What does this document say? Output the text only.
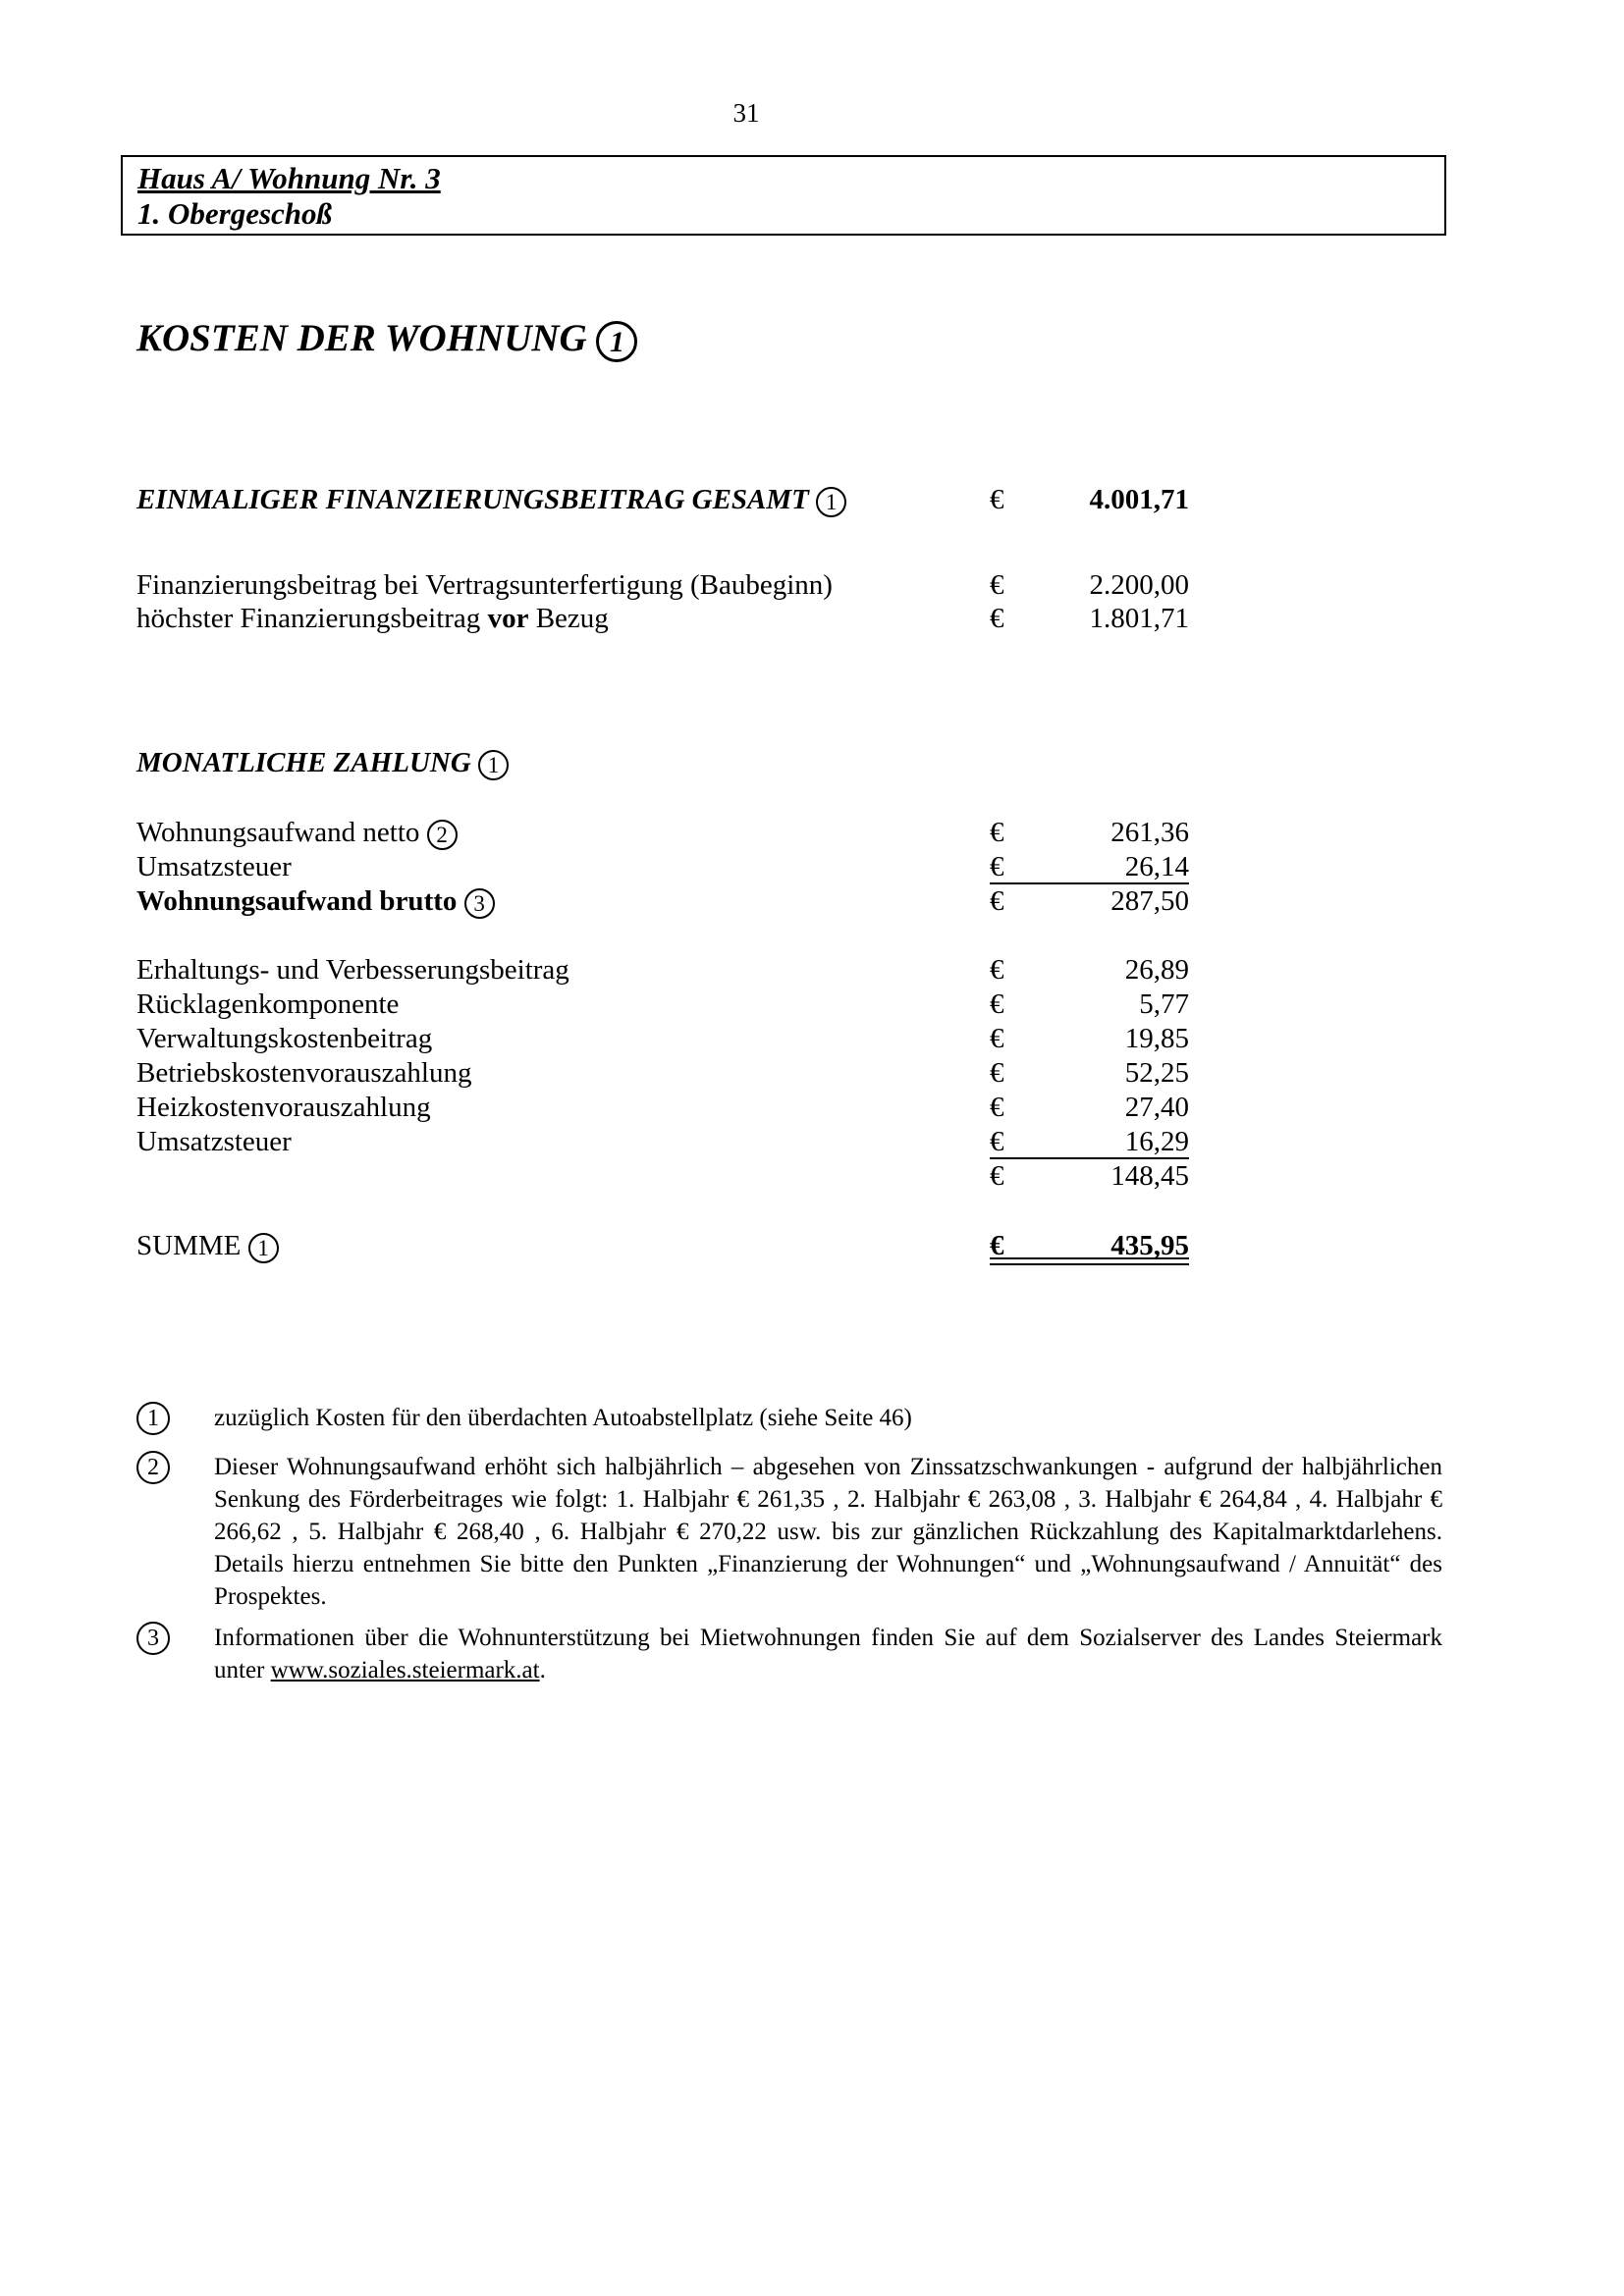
31
Haus A/ Wohnung Nr. 3
1. Obergeschoß
KOSTEN DER WOHNUNG 1
EINMALIGER FINANZIERUNGSBEITRAG GESAMT 1	€	4.001,71
Finanzierungsbeitrag bei Vertragsunterfertigung (Baubeginn)	€	2.200,00
höchster Finanzierungsbeitrag vor Bezug	€	1.801,71
MONATLICHE ZAHLUNG 1
Wohnungsaufwand netto 2	€	261,36
Umsatzsteuer	€	26,14
Wohnungsaufwand brutto 3	€	287,50
Erhaltungs- und Verbesserungsbeitrag	€	26,89
Rücklagenkomponente	€	5,77
Verwaltungskostenbeitrag	€	19,85
Betriebskostenvorauszahlung	€	52,25
Heizkostenvorauszahlung	€	27,40
Umsatzsteuer	€	16,29
€	148,45
SUMME 1	€	435,95
1	zuzüglich Kosten für den überdachten Autoabstellplatz (siehe Seite 46)
2	Dieser Wohnungsaufwand erhöht sich halbjährlich – abgesehen von Zinssatzschwankungen - aufgrund der halbjährlichen Senkung des Förderbeitrages wie folgt: 1. Halbjahr € 261,35 , 2. Halbjahr € 263,08 , 3. Halbjahr € 264,84 , 4. Halbjahr € 266,62 , 5. Halbjahr € 268,40 , 6. Halbjahr € 270,22 usw. bis zur gänzlichen Rückzahlung des Kapitalmarktdarlehens. Details hierzu entnehmen Sie bitte den Punkten „Finanzierung der Wohnungen“ und „Wohnungsaufwand / Annuität“ des Prospektes.
3	Informationen über die Wohnunterstützung bei Mietwohnungen finden Sie auf dem Sozialserver des Landes Steiermark unter www.soziales.steiermark.at.
